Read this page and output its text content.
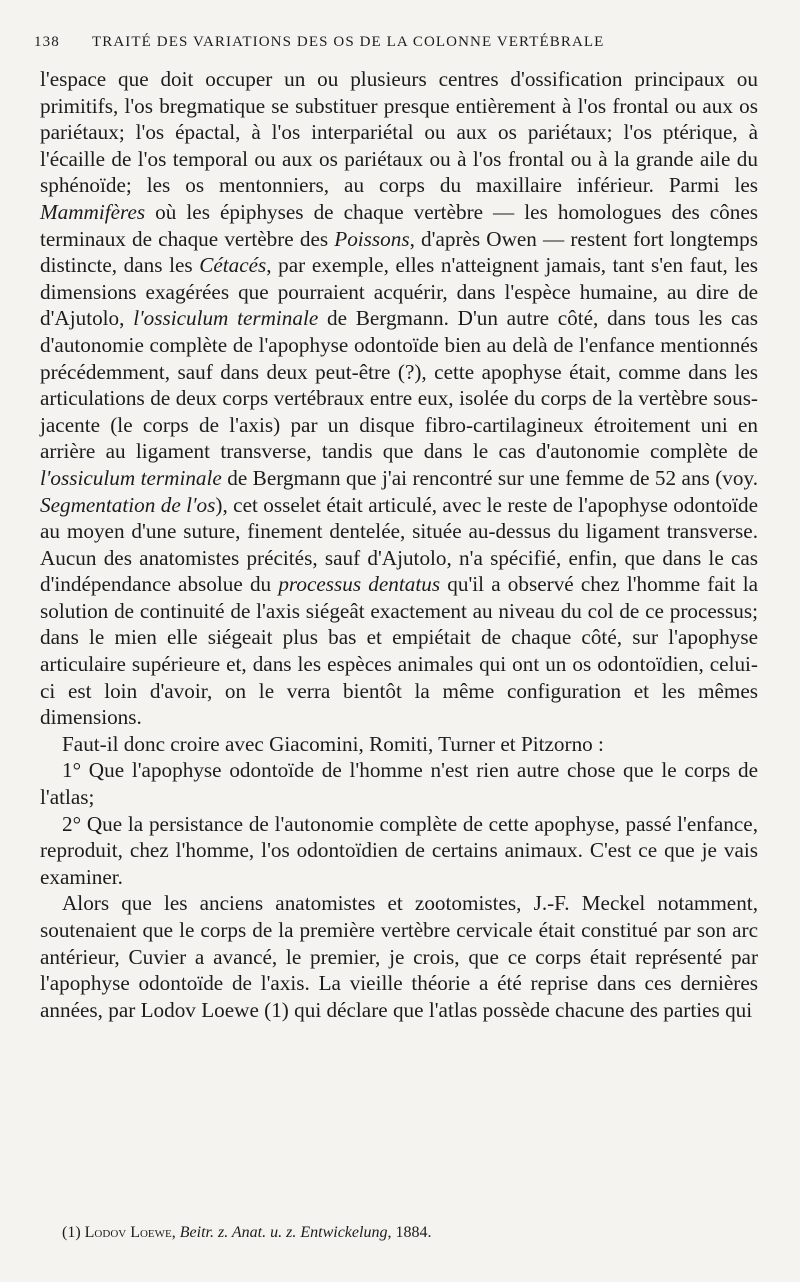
138 TRAITÉ DES VARIATIONS DES OS DE LA COLONNE VERTÉBRALE

l'espace que doit occuper un ou plusieurs centres d'ossification principaux ou primitifs, l'os bregmatique se substituer presque entièrement à l'os frontal ou aux os pariétaux; l'os épactal, à l'os interpariétal ou aux os pariétaux; l'os ptérique, à l'écaille de l'os temporal ou aux os pariétaux ou à l'os frontal ou à la grande aile du sphénoïde; les os mentonniers, au corps du maxillaire inférieur. Parmi les Mammifères où les épiphyses de chaque vertèbre — les homologues des cônes terminaux de chaque vertèbre des Poissons, d'après Owen — restent fort longtemps distincte, dans les Cétacés, par exemple, elles n'atteignent jamais, tant s'en faut, les dimensions exagérées que pourraient acquérir, dans l'espèce humaine, au dire de d'Ajutolo, l'ossiculum terminale de Bergmann. D'un autre côté, dans tous les cas d'autonomie complète de l'apophyse odontoïde bien au delà de l'enfance mentionnés précédemment, sauf dans deux peut-être (?), cette apophyse était, comme dans les articulations de deux corps vertébraux entre eux, isolée du corps de la vertèbre sous-jacente (le corps de l'axis) par un disque fibro-cartilagineux étroitement uni en arrière au ligament transverse, tandis que dans le cas d'autonomie complète de l'ossiculum terminale de Bergmann que j'ai rencontré sur une femme de 52 ans (voy. Segmentation de l'os), cet osselet était articulé, avec le reste de l'apophyse odontoïde au moyen d'une suture, finement dentelée, située au-dessus du ligament transverse. Aucun des anatomistes précités, sauf d'Ajutolo, n'a spécifié, enfin, que dans le cas d'indépendance absolue du processus dentatus qu'il a observé chez l'homme fait la solution de continuité de l'axis siégeât exactement au niveau du col de ce processus; dans le mien elle siégeait plus bas et empiétait de chaque côté, sur l'apophyse articulaire supérieure et, dans les espèces animales qui ont un os odontoïdien, celui-ci est loin d'avoir, on le verra bientôt la même configuration et les mêmes dimensions.

Faut-il donc croire avec Giacomini, Romiti, Turner et Pitzorno :

1° Que l'apophyse odontoïde de l'homme n'est rien autre chose que le corps de l'atlas;

2° Que la persistance de l'autonomie complète de cette apophyse, passé l'enfance, reproduit, chez l'homme, l'os odontoïdien de certains animaux. C'est ce que je vais examiner.

Alors que les anciens anatomistes et zootomistes, J.-F. Meckel notamment, soutenaient que le corps de la première vertèbre cervicale était constitué par son arc antérieur, Cuvier a avancé, le premier, je crois, que ce corps était représenté par l'apophyse odontoïde de l'axis. La vieille théorie a été reprise dans ces dernières années, par Lodov Loewe (1) qui déclare que l'atlas possède chacune des parties qui

(1) Lodov Loewe, Beitr. z. Anat. u. z. Entwickelung, 1884.
